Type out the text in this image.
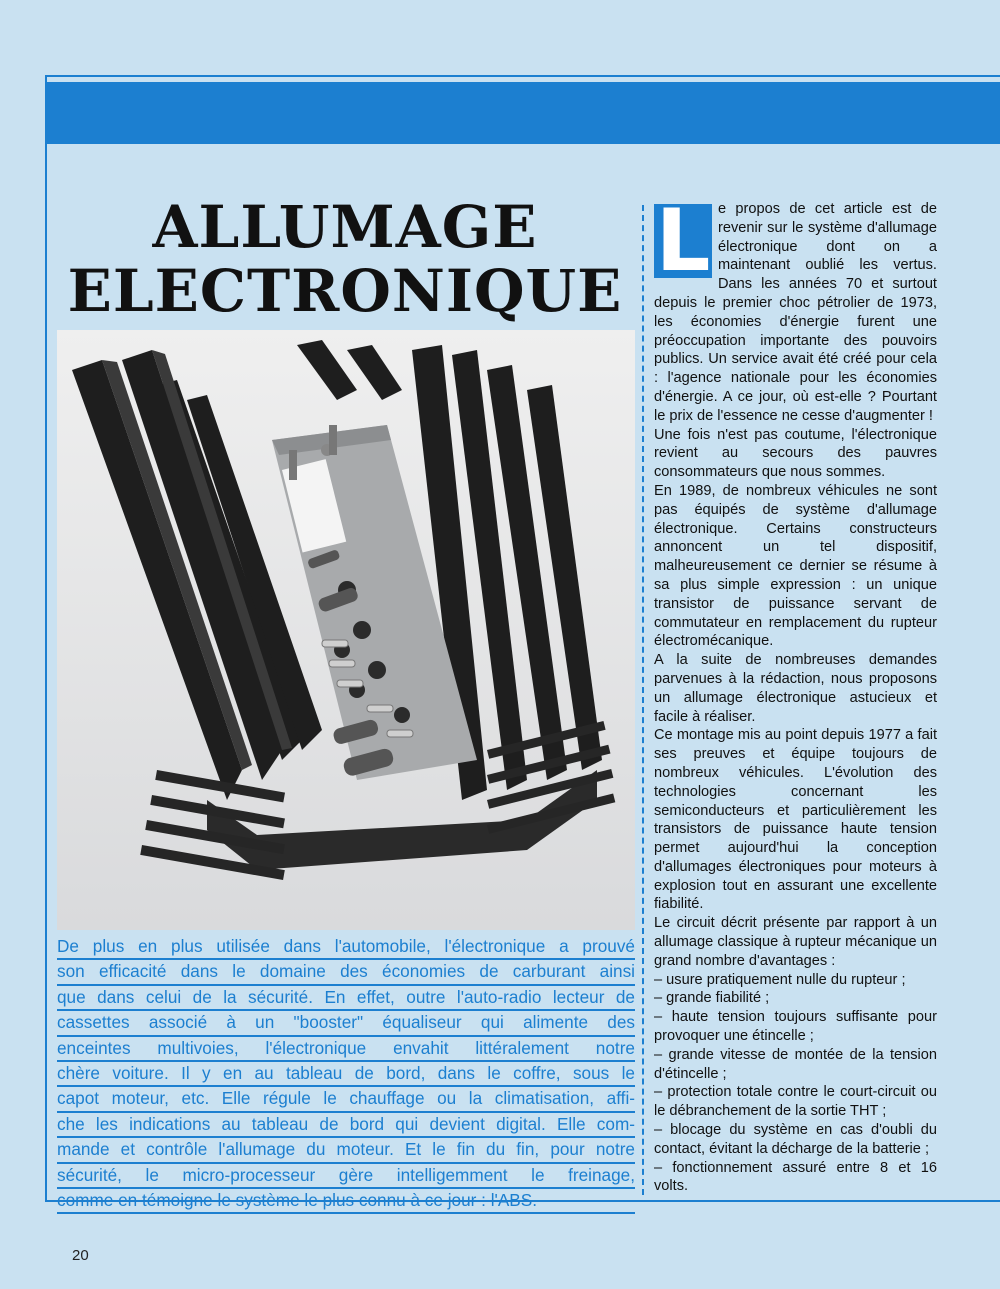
ALLUMAGE
ELECTRONIQUE
De plus en plus utilisée dans l'automobile, l'électronique a prouvé
son efficacité dans le domaine des économies de carburant ainsi
que dans celui de la sécurité. En effet, outre l'auto-radio lecteur de
cassettes associé à un "booster" équaliseur qui alimente des
enceintes multivoies, l'électronique envahit littéralement notre
chère voiture. Il y en au tableau de bord, dans le coffre, sous le
capot moteur, etc. Elle régule le chauffage ou la climatisation, affi-
che les indications au tableau de bord qui devient digital. Elle com-
mande et contrôle l'allumage du moteur. Et le fin du fin, pour notre
sécurité, le micro-processeur gère intelligemment le freinage,
comme en témoigne le système le plus connu à ce jour : l'ABS.
L e propos de cet article est de revenir sur le système d'allumage électronique dont on a maintenant oublié les vertus. Dans les années 70 et surtout depuis le premier choc pétrolier de 1973, les économies d'énergie furent une préoccupation importante des pouvoirs publics. Un service avait été créé pour cela : l'agence nationale pour les économies d'énergie. A ce jour, où est-elle ? Pourtant le prix de l'essence ne cesse d'augmenter !

Une fois n'est pas coutume, l'électronique revient au secours des pauvres consommateurs que nous sommes.

En 1989, de nombreux véhicules ne sont pas équipés de système d'allumage électronique. Certains constructeurs annoncent un tel dispositif, malheureusement ce dernier se résume à sa plus simple expression : un unique transistor de puissance servant de commutateur en remplacement du rupteur électromécanique.

A la suite de nombreuses demandes parvenues à la rédaction, nous proposons un allumage électronique astucieux et facile à réaliser.

Ce montage mis au point depuis 1977 a fait ses preuves et équipe toujours de nombreux véhicules. L'évolution des technologies concernant les semiconducteurs et particulièrement les transistors de puissance haute tension permet aujourd'hui la conception d'allumages électroniques pour moteurs à explosion tout en assurant une excellente fiabilité.

Le circuit décrit présente par rapport à un allumage classique à rupteur mécanique un grand nombre d'avantages :

– usure pratiquement nulle du rupteur ;

– grande fiabilité ;

– haute tension toujours suffisante pour provoquer une étincelle ;

– grande vitesse de montée de la tension d'étincelle ;

– protection totale contre le court-circuit ou le débranchement de la sortie THT ;

– blocage du système en cas d'oubli du contact, évitant la décharge de la batterie ;

– fonctionnement assuré entre 8 et 16 volts.

20
